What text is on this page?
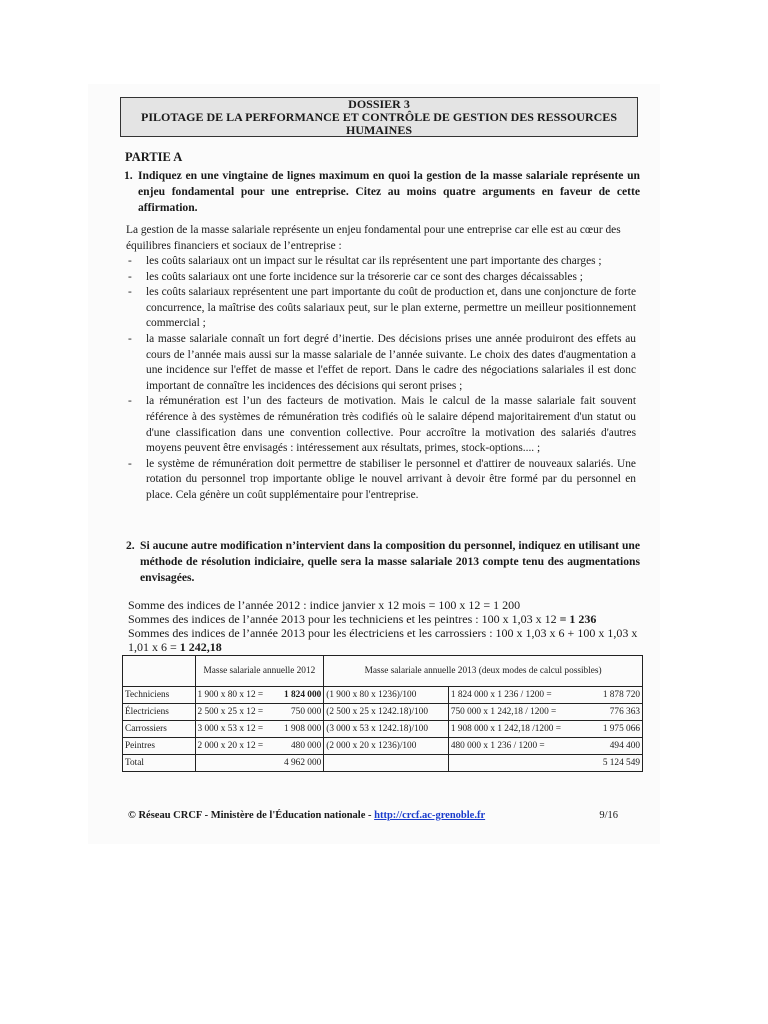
DOSSIER 3
PILOTAGE DE LA PERFORMANCE ET CONTRÔLE DE GESTION DES RESSOURCES
HUMAINES
PARTIE A
1. Indiquez en une vingtaine de lignes maximum en quoi la gestion de la masse salariale représente un enjeu fondamental pour une entreprise. Citez au moins quatre arguments en faveur de cette affirmation.
La gestion de la masse salariale représente un enjeu fondamental pour une entreprise car elle est au cœur des équilibres financiers et sociaux de l’entreprise :
- les coûts salariaux ont un impact sur le résultat car ils représentent une part importante des charges ;
- les coûts salariaux ont une forte incidence sur la trésorerie car ce sont des charges décaissables ;
- les coûts salariaux représentent une part importante du coût de production et, dans une conjoncture de forte concurrence, la maîtrise des coûts salariaux peut, sur le plan externe, permettre un meilleur positionnement commercial ;
- la masse salariale connaît un fort degré d’inertie. Des décisions prises une année produiront des effets au cours de l’année mais aussi sur la masse salariale de l’année suivante. Le choix des dates d'augmentation a une incidence sur l'effet de masse et l'effet de report. Dans le cadre des négociations salariales il est donc important de connaître les incidences des décisions qui seront prises ;
- la rémunération est l’un des facteurs de motivation. Mais le calcul de la masse salariale fait souvent référence à des systèmes de rémunération très codifiés où le salaire dépend majoritairement d'un statut ou d'une classification dans une convention collective. Pour accroître la motivation des salariés d'autres moyens peuvent être envisagés : intéressement aux résultats, primes, stock-options.... ;
- le système de rémunération doit permettre de stabiliser le personnel et d'attirer de nouveaux salariés. Une rotation du personnel trop importante oblige le nouvel arrivant à devoir être formé par du personnel en place. Cela génère un coût supplémentaire pour l'entreprise.
2. Si aucune autre modification n’intervient dans la composition du personnel, indiquez en utilisant une méthode de résolution indiciaire, quelle sera la masse salariale 2013 compte tenu des augmentations envisagées.
Somme des indices de l’année 2012 : indice janvier x 12 mois = 100 x 12 = 1 200
Sommes des indices de l’année 2013 pour les techniciens et les peintres : 100 x 1,03 x 12 = 1 236
Sommes des indices de l’année 2013 pour les électriciens et les carrossiers : 100 x 1,03 x 6 + 100 x 1,03 x 1,01 x 6 = 1 242,18
	Masse salariale annuelle 2012	Masse salariale annuelle 2013 (deux modes de calcul possibles)	
Techniciens	1 900 x 80 x 12 = 1 824 000	(1 900 x 80 x 1236)/100	1 824 000 x 1 236 / 1200 = 1 878 720

Électriciens	2 500 x 25 x 12 = 750 000	(2 500 x 25 x 1242.18)/100	750 000 x 1 242,18 / 1200 = 776 363

Carrossiers	3 000 x 53 x 12 = 1 908 000	(3 000 x 53 x 1242.18)/100	1 908 000 x 1 242,18 /1200 = 1 975 066

Peintres	2 000 x 20 x 12 = 480 000	(2 000 x 20 x 1236)/100	480 000 x 1 236 / 1200 = 494 400

Total	4 962 000		5 124 549
© Réseau CRCF - Ministère de l'Éducation nationale - http://crcf.ac-grenoble.fr	9/16
